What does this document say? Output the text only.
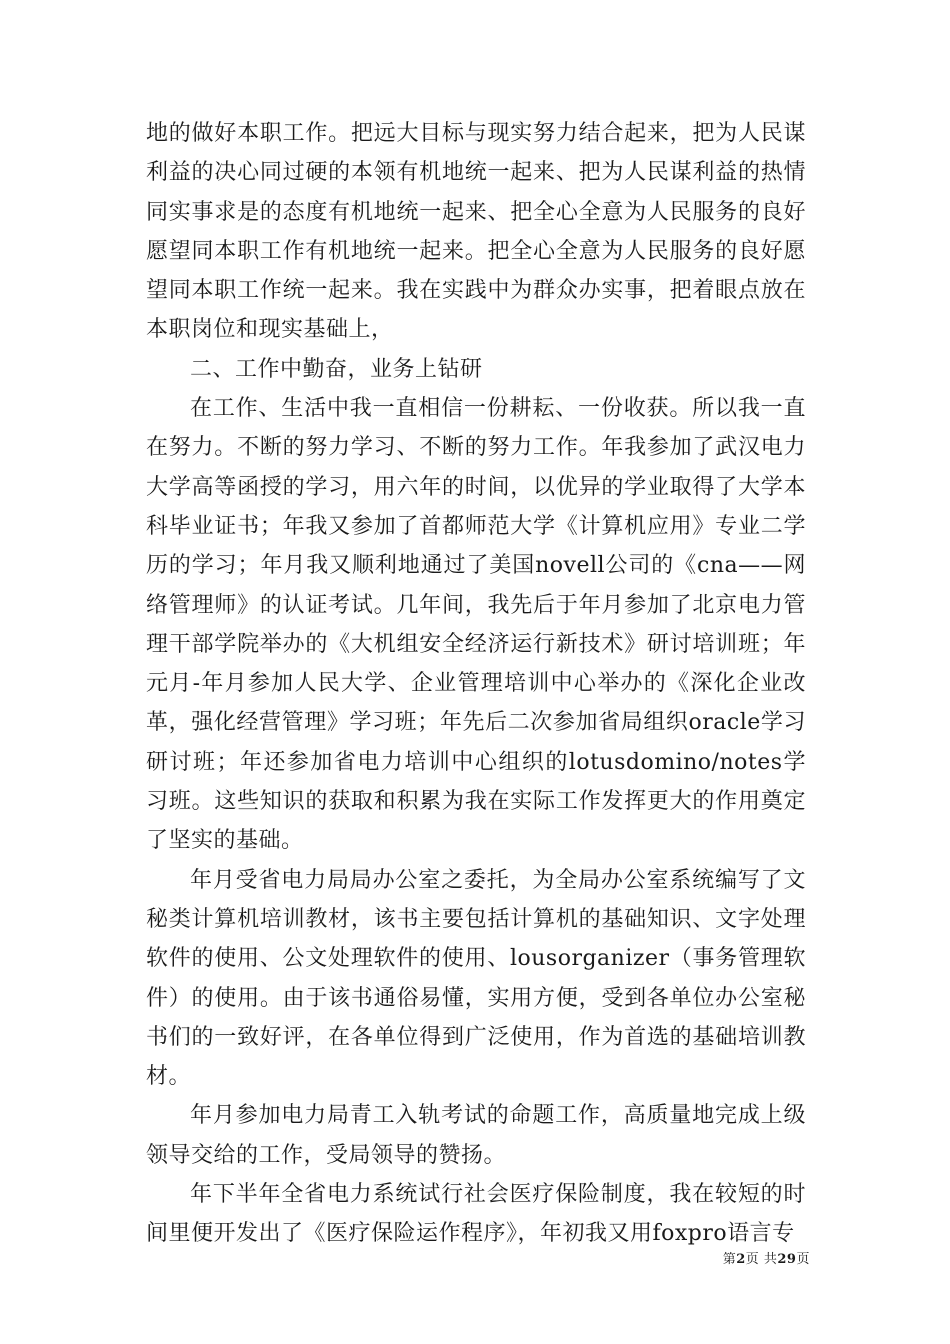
地的做好本职工作。把远大目标与现实努力结合起来，把为人民谋利益的决心同过硬的本领有机地统一起来、把为人民谋利益的热情同实事求是的态度有机地统一起来、把全心全意为人民服务的良好愿望同本职工作有机地统一起来。把全心全意为人民服务的良好愿望同本职工作统一起来。我在实践中为群众办实事，把着眼点放在本职岗位和现实基础上，

二、工作中勤奋，业务上钻研

在工作、生活中我一直相信一份耕耘、一份收获。所以我一直在努力。不断的努力学习、不断的努力工作。年我参加了武汉电力大学高等函授的学习，用六年的时间，以优异的学业取得了大学本科毕业证书；年我又参加了首都师范大学《计算机应用》专业二学历的学习；年月我又顺利地通过了美国novell公司的《cna——网络管理师》的认证考试。几年间，我先后于年月参加了北京电力管理干部学院举办的《大机组安全经济运行新技术》研讨培训班；年元月-年月参加人民大学、企业管理培训中心举办的《深化企业改革，强化经营管理》学习班；年先后二次参加省局组织oracle学习研讨班；年还参加省电力培训中心组织的lotusdomino/notes学习班。这些知识的获取和积累为我在实际工作发挥更大的作用奠定了坚实的基础。

年月受省电力局局办公室之委托，为全局办公室系统编写了文秘类计算机培训教材，该书主要包括计算机的基础知识、文字处理软件的使用、公文处理软件的使用、lousorganizer（事务管理软件）的使用。由于该书通俗易懂，实用方便，受到各单位办公室秘书们的一致好评，在各单位得到广泛使用，作为首选的基础培训教材。

年月参加电力局青工入轨考试的命题工作，高质量地完成上级领导交给的工作，受局领导的赞扬。

年下半年全省电力系统试行社会医疗保险制度，我在较短的时间里便开发出了《医疗保险运作程序》，年初我又用foxpro语言专

第2页 共29页
